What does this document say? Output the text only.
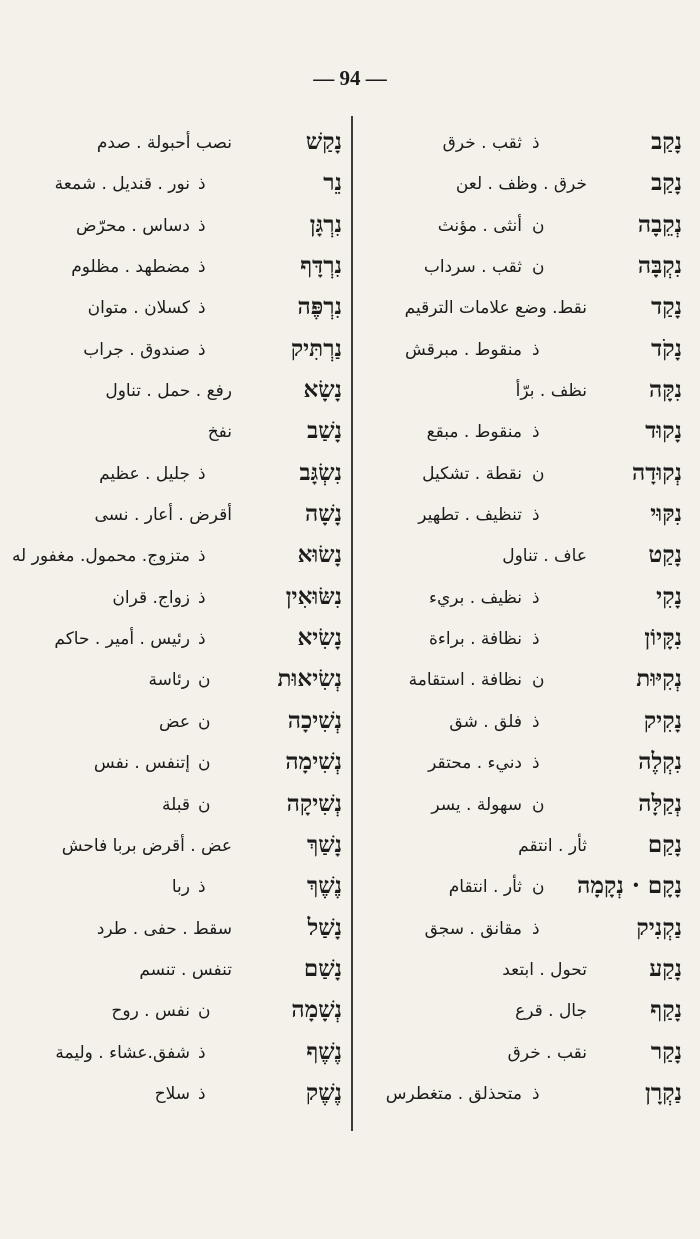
— 94 —
נָקַשׁ
نصب أحبولة . صدم
נֵר
ذ
نور . قنديل . شمعة
נִרְגָּן
ذ
دساس . محرّض
נִרְדָּף
ذ
مضطهد . مظلوم
נִרְפֶּה
ذ
كسلان . متوان
נַרְתִּיק
ذ
صندوق . جراب
נָשָׂא
رفع . حمل . تناول
נָשַׁב
نفخ
נִשְׂגָּב
ذ
جليل . عظيم
נָשָׁה
أقرض . أعار . نسى
נָשׂוּא
ذ
متزوج. محمول. مغفور له
נִשּׂוּאִין
ذ
زواج. قران
נָשִׂיא
ذ
رئيس . أمير . حاكم
נְשִׂיאוּת
ن
رئاسة
נְשִׁיכָה
ن
عض
נְשִׁימָה
ن
إتنفس . نفس
נְשִׁיקָה
ن
قبلة
נָשַׁךְ
عض . أقرض بربا فاحش
נֶשֶׁךְ
ذ
ربا
נָשַׁל
سقط . حفى . طرد
נָשַׁם
تنفس . تنسم
נְשָׁמָה
ن
نفس . روح
נֶשֶׁף
ذ
شفق.عشاء . وليمة
נֶשֶׁק
ذ
سلاح
נָקַב
ذ
ثقب . خرق
נָקַב
خرق . وظف . لعن
נְקֵבָה
ن
أنثى . مؤنث
נִקְבָּה
ن
ثقب . سرداب
נָקַד
نقط. وضع علامات الترقيم
נָקֹד
ذ
منقوط . مبرقش
נִקָּה
نظف . برّأ
נָקוּד
ذ
منقوط . مبقع
נְקוּדָה
ن
نقطة . تشكيل
נִקּוּי
ذ
تنظيف . تطهير
נָקַט
عاف . تناول
נָקִי
ذ
نظيف . بريء
נִקָּיוֹן
ذ
نظافة . براءة
נְקִיּוּת
ن
نظافة . استقامة
נָקִיק
ذ
فلق . شق
נִקְלֶה
ذ
دنيء . محتقر
נְקַלָּה
ن
سهولة . يسر
נָקַם
ثأر . انتقم
נָקָם · נְקָמָה
ن
ثأر . انتقام
נַקְנִיק
ذ
مقانق . سجق
נָקַע
تحول . ابتعد
נָקַף
جال . قرع
נָקַר
نقب . خرق
נַקְרָן
ذ
متحذلق . متغطرس
